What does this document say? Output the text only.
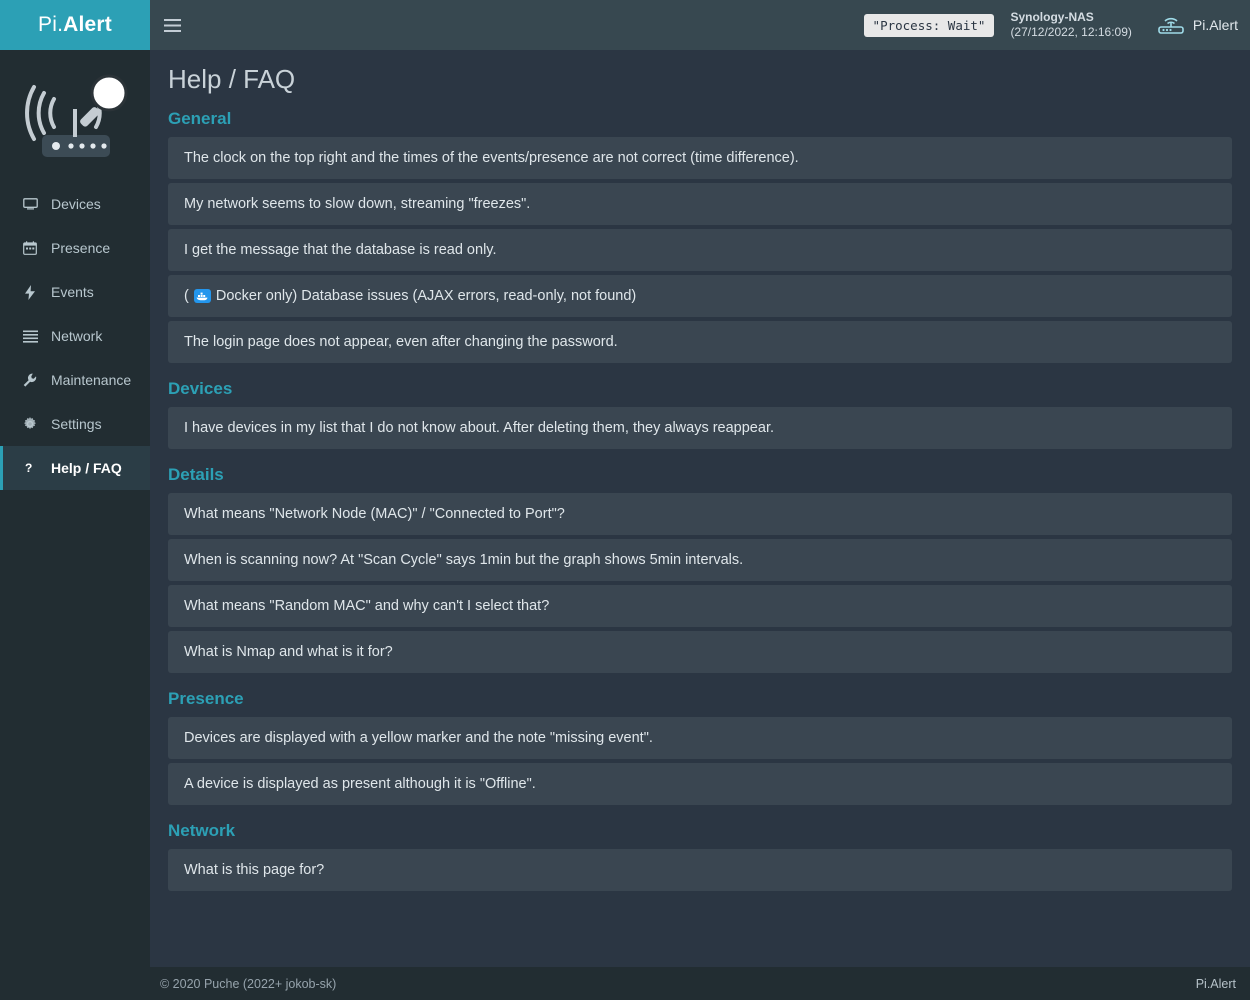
Pi. Alert	"Process: Wait"
Synology-NAS
(27/12/2022, 12:16:09)	Pi.Alert
Devices
Presence
Events
Network
Maintenance
Settings
? Help / FAQ
Help / FAQ
General
The clock on the top right and the times of the events/presence are not correct (time difference).
My network seems to slow down, streaming "freezes".
I get the message that the database is read only.
( Docker only) Database issues (AJAX errors, read-only, not found)
The login page does not appear, even after changing the password.
Devices
I have devices in my list that I do not know about. After deleting them, they always reappear.
Details
What means "Network Node (MAC)" / "Connected to Port"?
When is scanning now? At "Scan Cycle" says 1min but the graph shows 5min intervals.
What means "Random MAC" and why can't I select that?
What is Nmap and what is it for?
Presence
Devices are displayed with a yellow marker and the note "missing event".
A device is displayed as present although it is "Offline".
Network
What is this page for?
© 2020 Puche (2022+ jokob-sk)	Pi.Alert
